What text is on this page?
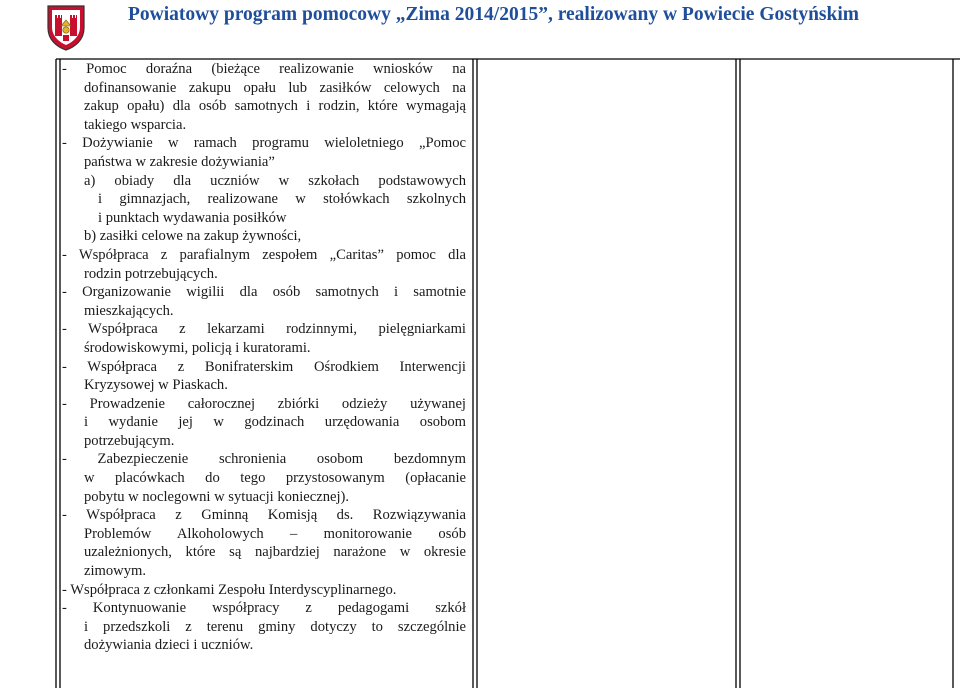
Powiatowy program pomocowy „Zima 2014/2015”, realizowany w Powiecie Gostyńskim

- Pomoc doraźna (bieżące realizowanie wniosków na

dofinansowanie zakupu opału lub zasiłków celowych na

zakup opału) dla osób samotnych i rodzin, które wymagają

takiego wsparcia.

- Dożywianie w ramach programu wieloletniego „Pomoc

państwa w zakresie dożywiania”

a) obiady dla uczniów w szkołach podstawowych

i gimnazjach, realizowane w stołówkach szkolnych

i punktach wydawania posiłków

b) zasiłki celowe na zakup żywności,

- Współpraca z parafialnym zespołem „Caritas” pomoc dla

rodzin potrzebujących.

- Organizowanie wigilii dla osób samotnych i samotnie

mieszkających.

- Współpraca z lekarzami rodzinnymi, pielęgniarkami

środowiskowymi, policją i kuratorami.

- Współpraca z Bonifraterskim Ośrodkiem Interwencji

Kryzysowej w Piaskach.

- Prowadzenie całorocznej zbiórki odzieży używanej

i wydanie jej w godzinach urzędowania osobom

potrzebującym.

- Zabezpieczenie schronienia osobom bezdomnym

w placówkach do tego przystosowanym (opłacanie

pobytu w noclegowni w sytuacji koniecznej).

- Współpraca z Gminną Komisją ds. Rozwiązywania

Problemów Alkoholowych – monitorowanie osób

uzależnionych, które są najbardziej narażone w okresie

zimowym.

- Współpraca z członkami Zespołu Interdyscyplinarnego.

- Kontynuowanie współpracy z pedagogami szkół

i przedszkoli z terenu gminy dotyczy to szczególnie

dożywiania dzieci i uczniów.
